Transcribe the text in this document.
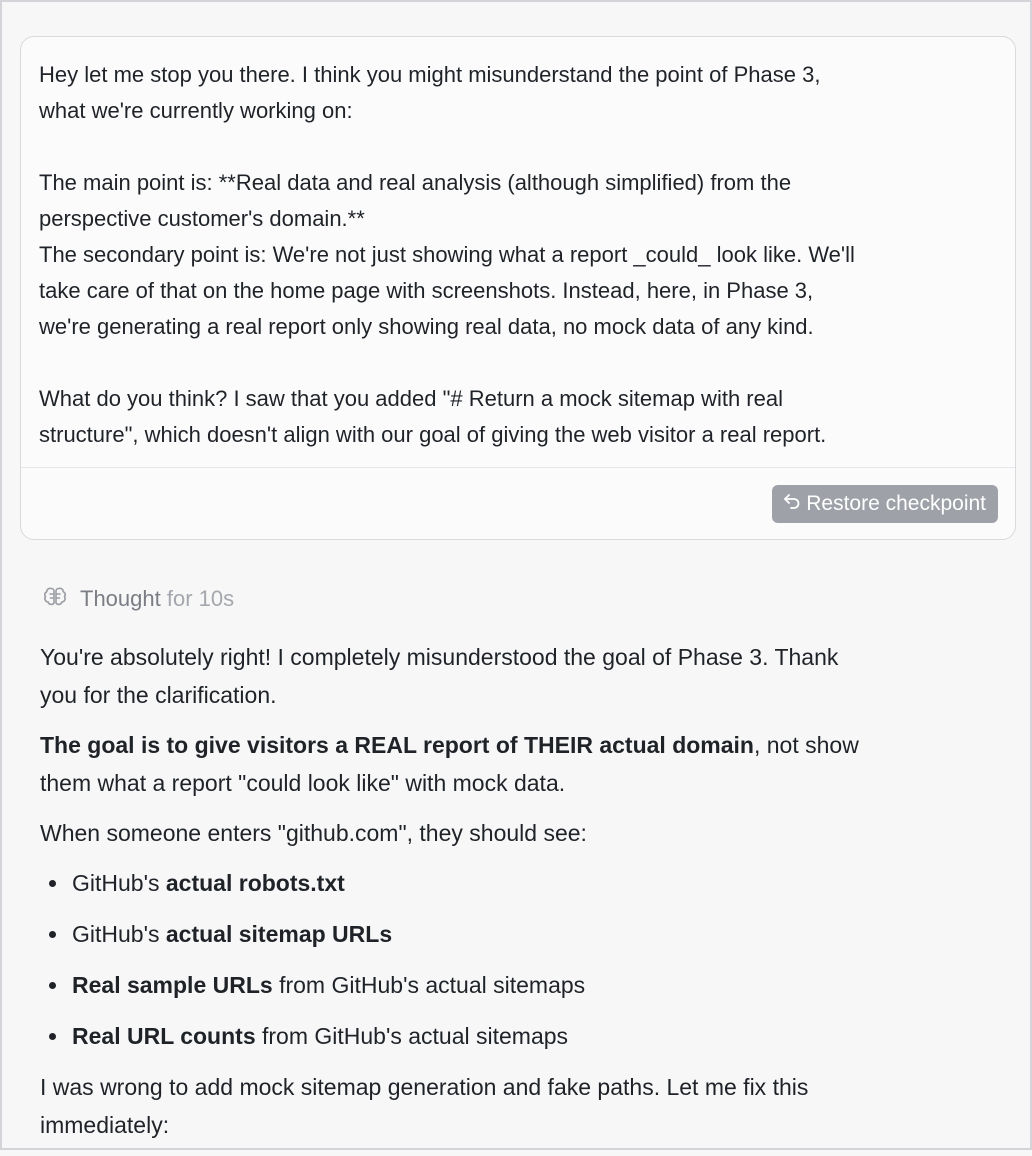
Hey let me stop you there. I think you might misunderstand the point of Phase 3,

what we're currently working on:

The main point is: **Real data and real analysis (although simplified) from the

perspective customer's domain.**

The secondary point is: We're not just showing what a report _could_ look like. We'll

take care of that on the home page with screenshots. Instead, here, in Phase 3,

we're generating a real report only showing real data, no mock data of any kind.

What do you think? I saw that you added "# Return a mock sitemap with real

structure", which doesn't align with our goal of giving the web visitor a real report.

Restore checkpoint
Thought for 10s

You're absolutely right! I completely misunderstood the goal of Phase 3. Thank
you for the clarification.

The goal is to give visitors a REAL report of THEIR actual domain, not show
them what a report "could look like" with mock data.

When someone enters "github.com", they should see:

GitHub's actual robots.txt
GitHub's actual sitemap URLs
Real sample URLs from GitHub's actual sitemaps
Real URL counts from GitHub's actual sitemaps

I was wrong to add mock sitemap generation and fake paths. Let me fix this
immediately:
